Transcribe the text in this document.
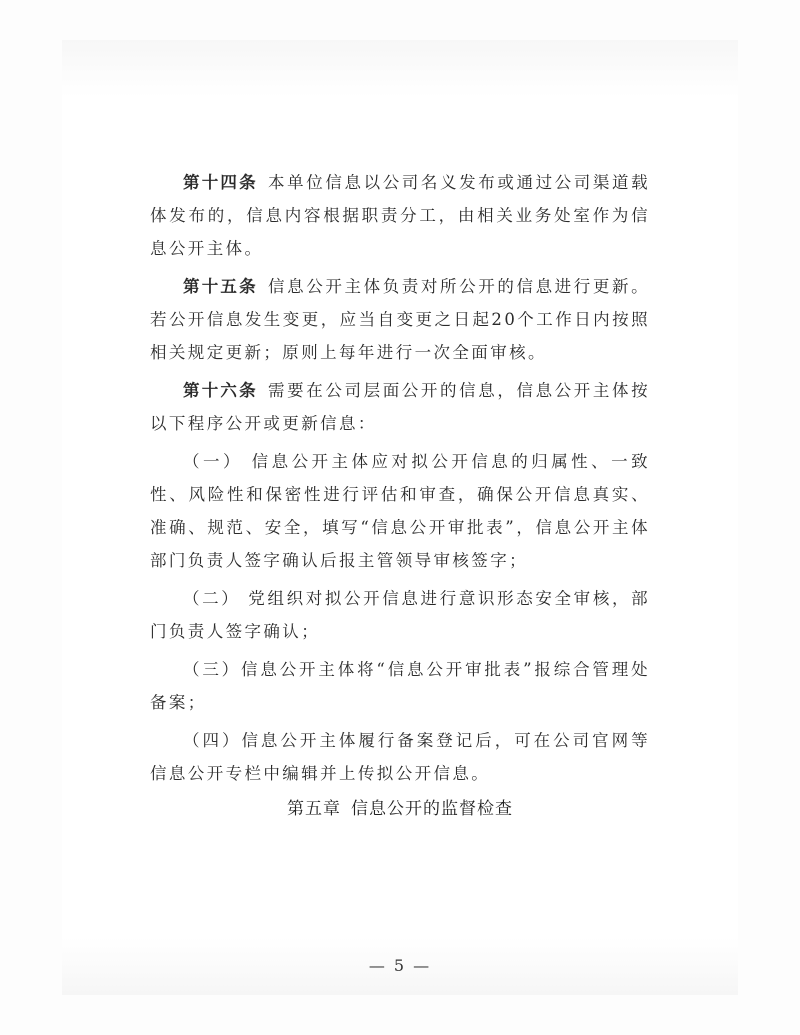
第十四条 本单位信息以公司名义发布或通过公司渠道载体发布的，信息内容根据职责分工，由相关业务处室作为信息公开主体。

第十五条 信息公开主体负责对所公开的信息进行更新。若公开信息发生变更，应当自变更之日起20个工作日内按照相关规定更新；原则上每年进行一次全面审核。

第十六条 需要在公司层面公开的信息，信息公开主体按以下程序公开或更新信息：

（一） 信息公开主体应对拟公开信息的归属性、一致性、风险性和保密性进行评估和审查，确保公开信息真实、准确、规范、安全，填写“信息公开审批表”，信息公开主体部门负责人签字确认后报主管领导审核签字；

（二） 党组织对拟公开信息进行意识形态安全审核，部门负责人签字确认；

（三）信息公开主体将“信息公开审批表”报综合管理处备案；

（四）信息公开主体履行备案登记后，可在公司官网等信息公开专栏中编辑并上传拟公开信息。

第五章 信息公开的监督检查
— 5 —
